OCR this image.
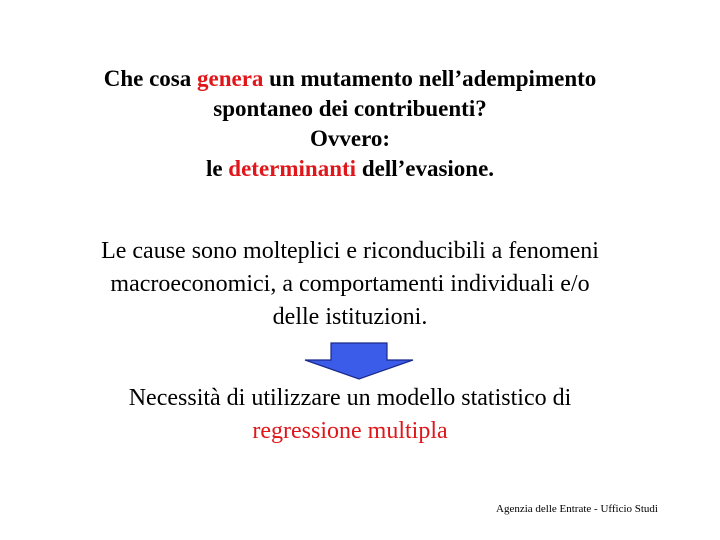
Che cosa genera un mutamento nell’adempimento
spontaneo dei contribuenti?
Ovvero:
le determinanti dell’evasione.
Le cause sono molteplici e riconducibili a fenomeni
macroeconomici, a comportamenti individuali e/o
delle istituzioni.
Necessità di utilizzare un modello statistico di
regressione multipla
Agenzia delle Entrate - Ufficio Studi
